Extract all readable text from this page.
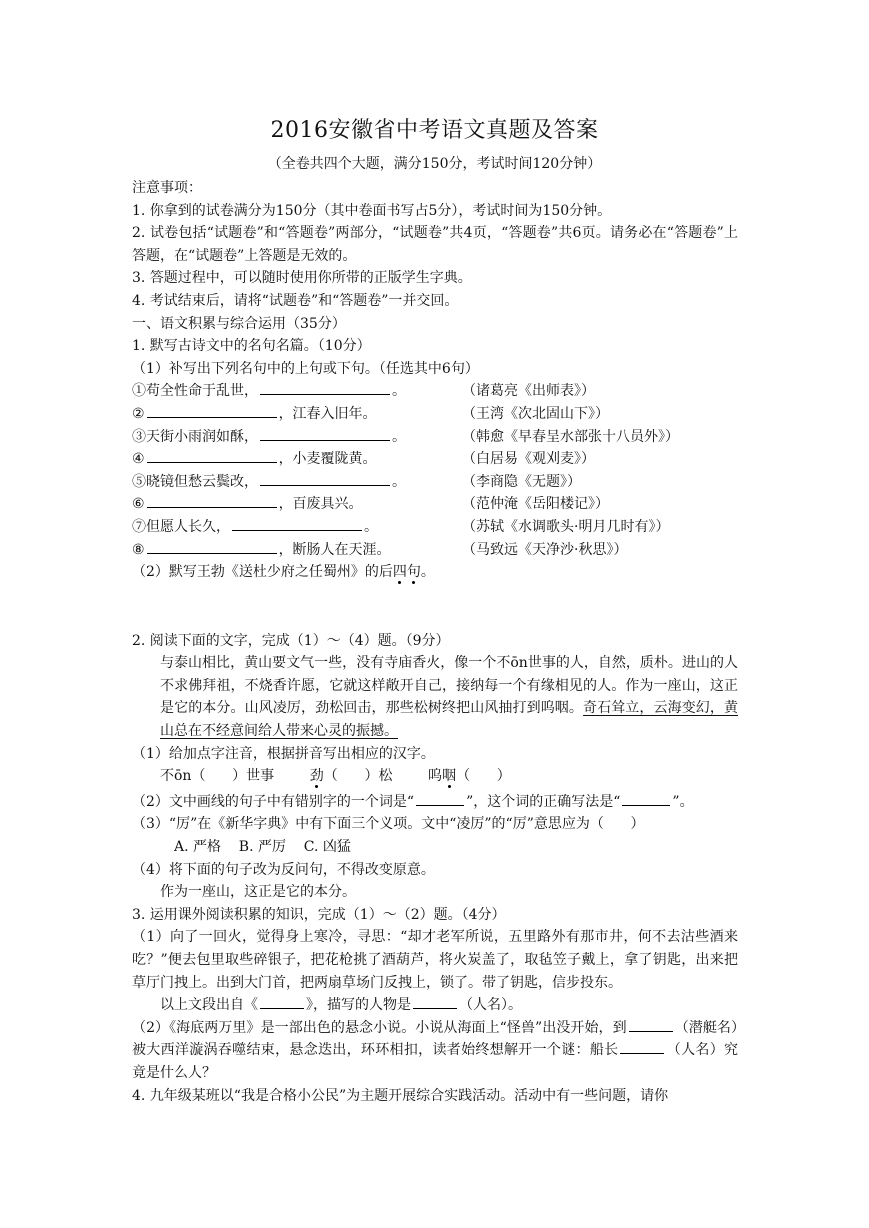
2016安徽省中考语文真题及答案
（全卷共四个大题，满分150分，考试时间120分钟）
注意事项：
1. 你拿到的试卷满分为150分（其中卷面书写占5分），考试时间为150分钟。
2. 试卷包括“试题卷”和“答题卷”两部分，“试题卷”共4页，“答题卷”共6页。请务必在“答题卷”上答题，在“试题卷”上答题是无效的。
3. 答题过程中，可以随时使用你所带的正版学生字典。
4. 考试结束后，请将“试题卷”和“答题卷”一并交回。
一、语文积累与综合运用（35分）
1. 默写古诗文中的名句名篇。（10分）
（1）补写出下列名句中的上句或下句。（任选其中6句）
①苟全性命于乱世，	。	（诸葛亮《出师表》）
②	，江春入旧年。	（王湾《次北固山下》）
③天街小雨润如酥，	。	（韩愈《早春呈水部张十八员外》）
④	，小麦覆陇黄。	（白居易《观刈麦》）
⑤晓镜但愁云鬓改，	。	（李商隐《无题》）
⑥	，百废具兴。	（范仲淹《岳阳楼记》）
⑦但愿人长久，	。	（苏轼《水调歌头·明月几时有》）
⑧	，断肠人在天涯。	（马致远《天净沙·秋思》）
（2）默写王勃《送杜少府之任蜀州》的后四句。
2. 阅读下面的文字，完成（1）～（4）题。（9分）
与泰山相比，黄山要文气一些，没有寺庙香火，像一个不ōn世事的人，自然，质朴。进山的人不求佛拜祖，不烧香许愿，它就这样敞开自己，接纳每一个有缘相见的人。作为一座山，这正是它的本分。山风凌厉，劲松回击，那些松树终把山风抽打到呜咽。奇石耸立，云海变幻，黄山总在不经意间给人带来心灵的振撼。
（1）给加点字注音，根据拼音写出相应的汉字。
不ōn（      ）世事        劲（      ）松        呜咽（      ）
（2）文中画线的句子中有错别字的一个词是“	”，这个词的正确写法是“	”。
（3）“厉”在《新华字典》中有下面三个义项。文中“凌厉”的“厉”意思应为（      ）
A. 严格    B. 严厉    C. 凶猛
（4）将下面的句子改为反问句，不得改变原意。
作为一座山，这正是它的本分。
3. 运用课外阅读积累的知识，完成（1）～（2）题。（4分）
（1）向了一回火，觉得身上寒冷，寻思：“却才老军所说，五里路外有那市井，何不去沽些酒来吃？”便去包里取些碎银子，把花枪挑了酒葫芦，将火炭盖了，取毡笠子戴上，拿了钥匙，出来把草厅门拽上。出到大门首，把两扇草场门反拽上，锁了。带了钥匙，信步投东。
以上文段出自《	》，描写的人物是	（人名）。
（2）《海底两万里》是一部出色的悬念小说。小说从海面上“怪兽”出没开始，到	（潜艇名）被大西洋漩涡吞噬结束，悬念迭出，环环相扣，读者始终想解开一个谜：船长	（人名）究竟是什么人？
4. 九年级某班以“我是合格小公民”为主题开展综合实践活动。活动中有一些问题，请你
